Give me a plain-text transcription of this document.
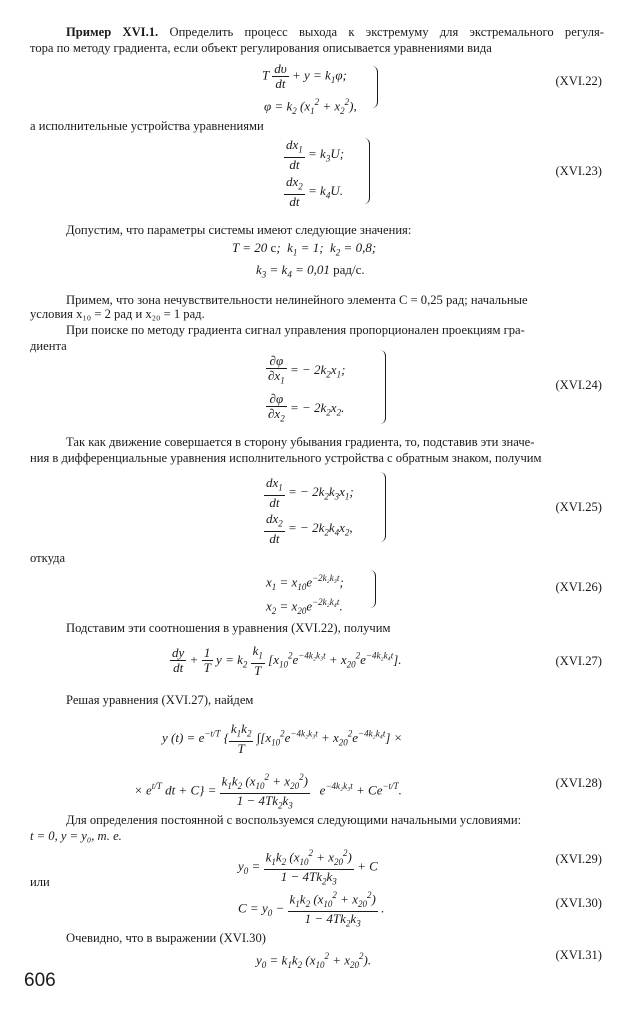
Пример XVI.1. Определить процесс выхода к экстремуму для экстремального регуля-
тора по методу градиента, если объект регулирования описывается уравнениями вида
T $\frac{d\upsilon}{dt} + y = k_1\varphi$;
$\varphi = k_2$ $(x_1^2 + x_2^2)$,
(XVI.22)
а исполнительные устройства уравнениями
$\frac{dx_1}{dt} = k_3U$;
$\frac{dx_2}{dt} = k_4U$.
(XVI.23)
Допустим, что параметры системы имеют следующие значения:
T = 20 с;  $k_1 = 1$;  $k_2 = 0,8$;
$k_3 = k_4 = 0,01$ рад/с.
Примем, что зона нечувствительности нелинейного элемента C = 0,25 рад; начальные
условия x₁₀ = 2 рад и x₂₀ = 1 рад.
При поиске по методу градиента сигнал управления пропорционален проекциям гра-
диента
$\frac{\partial\varphi}{\partial x_1}$ = − $2k_2x_1$;
$\frac{\partial\varphi}{\partial x_2}$ = − $2k_2x_2$.
(XVI.24)
Так как движение совершается в сторону убывания градиента, то, подставив эти значе-
ния в дифференциальные уравнения исполнительного устройства с обратным знаком, получим
$\frac{dx_1}{dt}$ = − $2k_2k_3x_1$;
$\frac{dx_2}{dt}$ = − $2k_2k_4x_2$,
(XVI.25)
откуда
$x_1 = x_{10}e^{-2k_2k_3t}$;
$x_2 = x_{20}e^{-2k_2k_4t}$.
(XVI.26)
Подставим эти соотношения в уравнения (XVI.22), получим
$\frac{dy}{dt} + \frac{1}{T}$ $y = k_2 \frac{k_1}{T} [x_{10}^2e^{-4k_2k_3t} + x_{20}^2e^{-4k_2k_4t}]$.	(XVI.27)
Решая уравнения (XVI.27), найдем
y $(t) = e^{-t/T}$ { $\frac{k_1k_2}{T} \int[x_{10}^2e^{-4k_2k_3t} + x_{20}^2e^{-4k_2k_4t}]$ ×
× $e^{t/T}$ dt + $C\} = \frac{k_1k_2 (x_{10}^2 + x_{20}^2)}{1 - 4Tk_2k_3} e^{-4k_2k_3t} + Ce^{-t/T}$.	(XVI.28)
Для определения постоянной c воспользуемся следующими начальными условиями:
t = 0, y = y₀, т. е.
$y_0 = \frac{k_1k_2 (x_{10}^2 + x_{20}^2)}{1 - 4Tk_2k_3} + C$	(XVI.29)
или
$C = y_0 - \frac{k_1k_2 (x_{10}^2 + x_{20}^2)}{1 - 4Tk_2k_3}$ .	(XVI.30)
Очевидно, что в выражении (XVI.30)
$y_0 = k_1k_2$ $(x_{10}^2 + x_{20}^2)$.	(XVI.31)
606
